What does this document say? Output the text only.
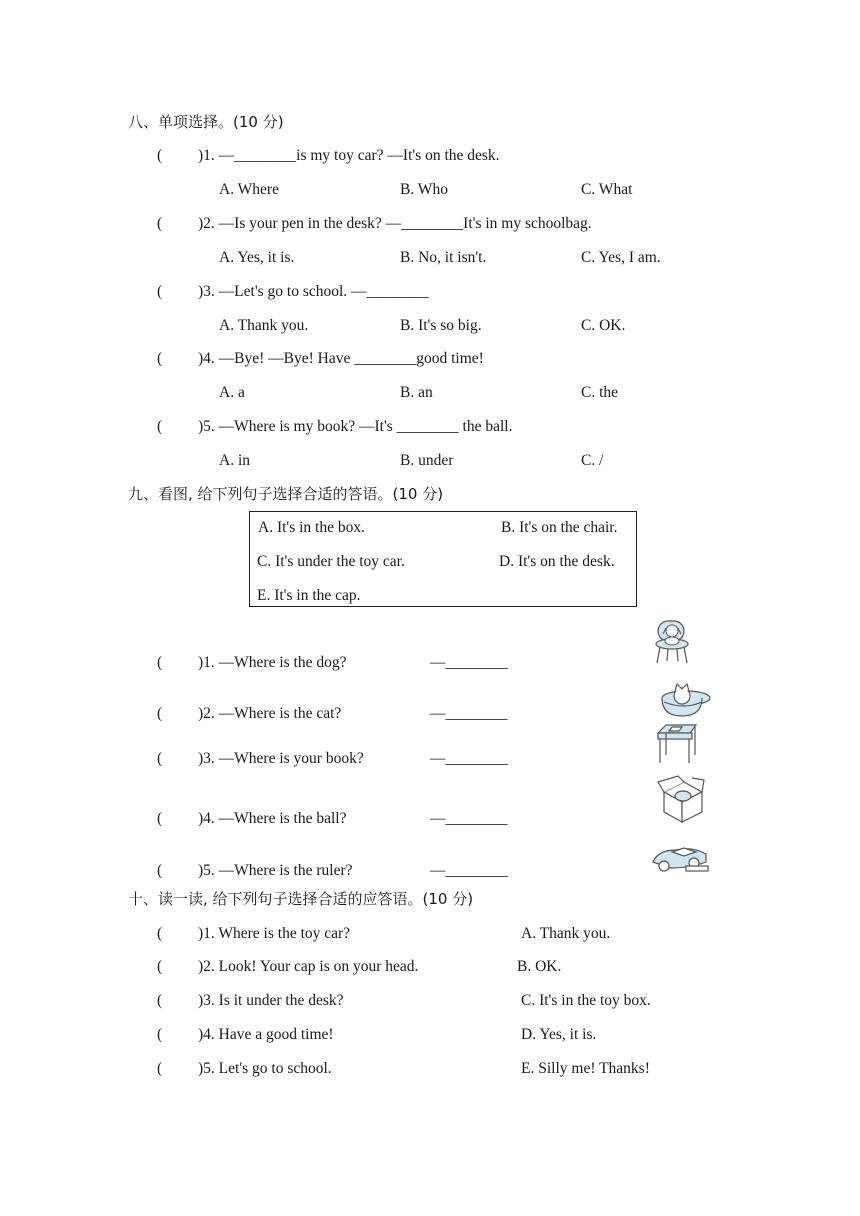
八、单项选择。(10 分)
( )1. —________is my toy car? —It's on the desk.
A. Where	B. Who	C. What
( )2. —Is your pen in the desk? —________It's in my schoolbag.
A. Yes, it is.	B. No, it isn't.	C. Yes, I am.
( )3. —Let's go to school. —________
A. Thank you.	B. It's so big.	C. OK.
( )4. —Bye! —Bye! Have ________good time!
A. a	B. an	C. the
( )5. —Where is my book? —It's ________ the ball.
A. in	B. under	C. /
九、看图, 给下列句子选择合适的答语。(10 分)
A. It's in the box.	B. It's on the chair.
C. It's under the toy car.	D. It's on the desk.
E. It's in the cap.
( )1. —Where is the dog?	—________
( )2. —Where is the cat?	—________
( )3. —Where is your book?	—________
( )4. —Where is the ball?	—________
( )5. —Where is the ruler?	—________
十、读一读, 给下列句子选择合适的应答语。(10 分)
( )1. Where is the toy car?	A. Thank you.
( )2. Look! Your cap is on your head.	B. OK.
( )3. Is it under the desk?	C. It's in the toy box.
( )4. Have a good time!	D. Yes, it is.
( )5. Let's go to school.	E. Silly me! Thanks!
